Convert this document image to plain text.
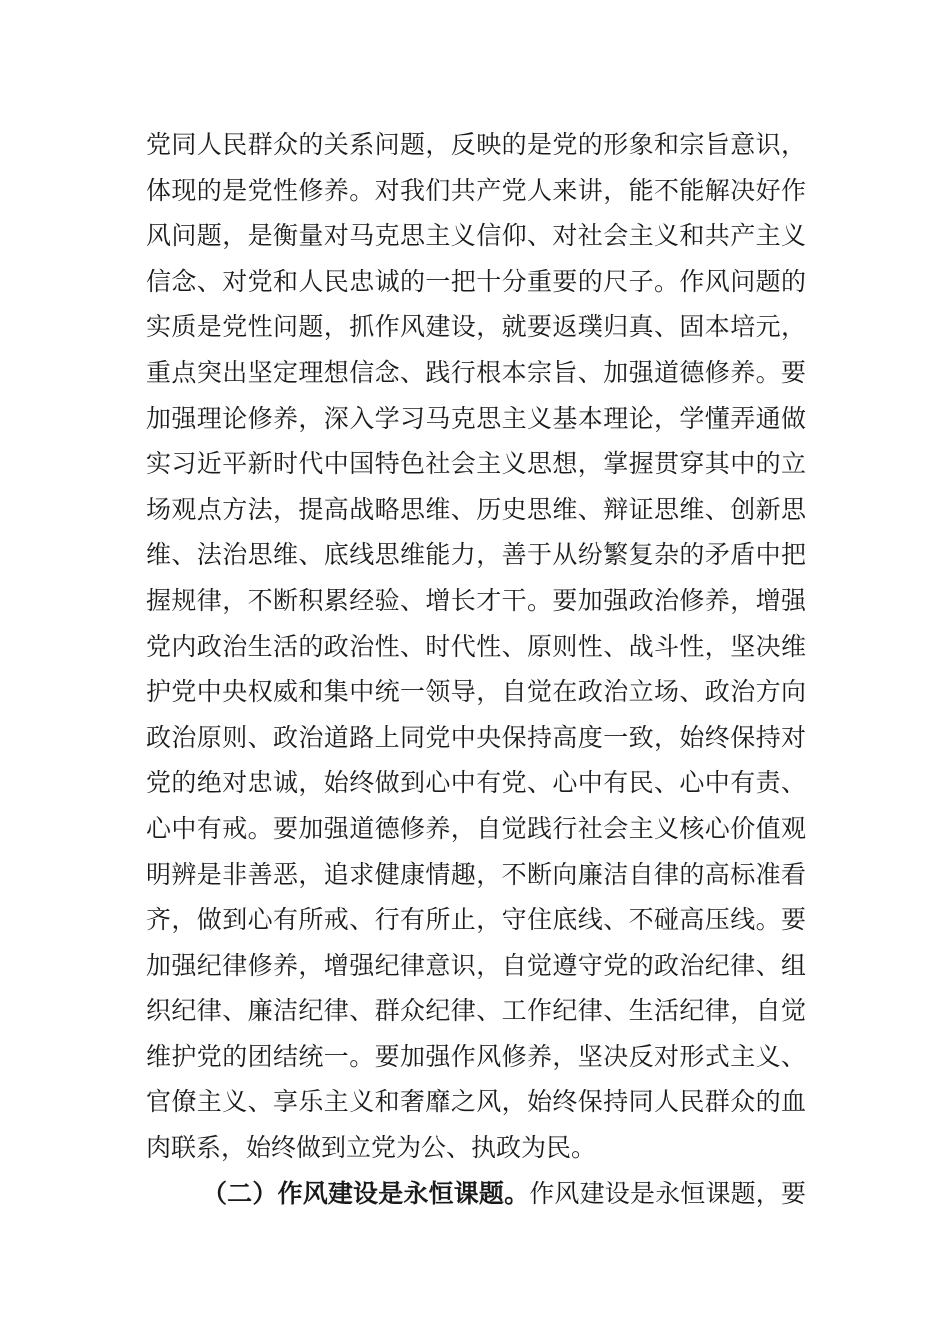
党同人民群众的关系问题，反映的是党的形象和宗旨意识，
体现的是党性修养。对我们共产党人来讲，能不能解决好作
风问题，是衡量对马克思主义信仰、对社会主义和共产主义
信念、对党和人民忠诚的一把十分重要的尺子。作风问题的
实质是党性问题，抓作风建设，就要返璞归真、固本培元，
重点突出坚定理想信念、践行根本宗旨、加强道德修养。要
加强理论修养，深入学习马克思主义基本理论，学懂弄通做
实习近平新时代中国特色社会主义思想，掌握贯穿其中的立
场观点方法，提高战略思维、历史思维、辩证思维、创新思
维、法治思维、底线思维能力，善于从纷繁复杂的矛盾中把
握规律，不断积累经验、增长才干。要加强政治修养，增强
党内政治生活的政治性、时代性、原则性、战斗性，坚决维
护党中央权威和集中统一领导，自觉在政治立场、政治方向
政治原则、政治道路上同党中央保持高度一致，始终保持对
党的绝对忠诚，始终做到心中有党、心中有民、心中有责、
心中有戒。要加强道德修养，自觉践行社会主义核心价值观
明辨是非善恶，追求健康情趣，不断向廉洁自律的高标准看
齐，做到心有所戒、行有所止，守住底线、不碰高压线。要
加强纪律修养，增强纪律意识，自觉遵守党的政治纪律、组
织纪律、廉洁纪律、群众纪律、工作纪律、生活纪律，自觉
维护党的团结统一。要加强作风修养，坚决反对形式主义、
官僚主义、享乐主义和奢靡之风，始终保持同人民群众的血
肉联系，始终做到立党为公、执政为民。
（二）作风建设是永恒课题。作风建设是永恒课题，要
